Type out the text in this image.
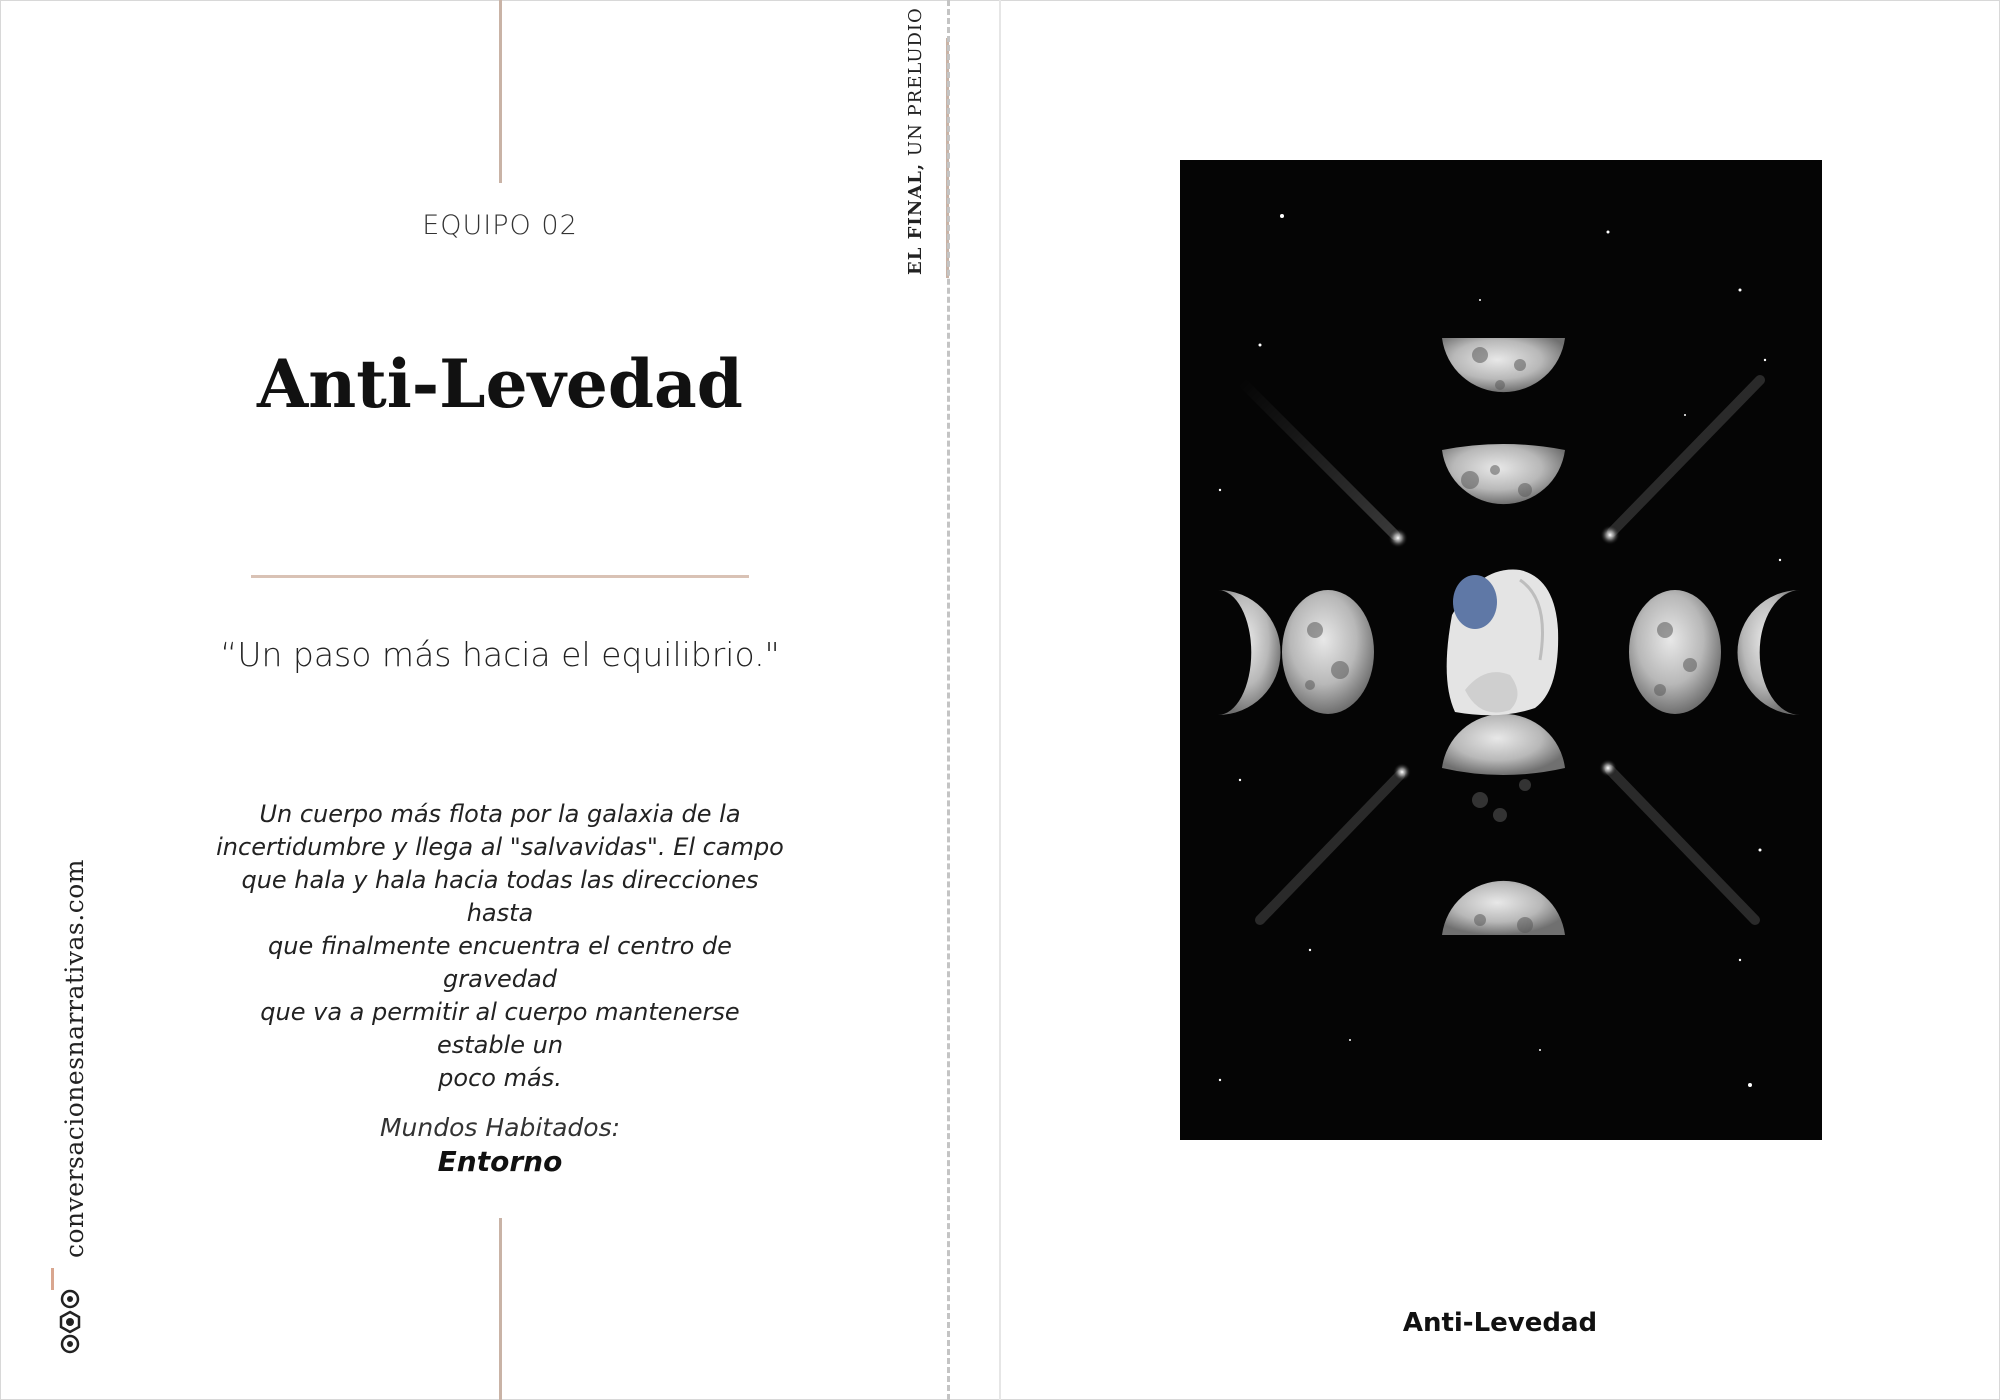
EQUIPO 02
Anti-Levedad
“Un paso más hacia el equilibrio."
Un cuerpo más flota por la galaxia de la
incertidumbre y llega al "salvavidas". El campo
que hala y hala hacia todas las direcciones hasta
que finalmente encuentra el centro de gravedad
que va a permitir al cuerpo mantenerse estable un
poco más.
Mundos Habitados:
Entorno
EL FINAL, UN PRELUDIO
conversacionesnarrativas.com
Anti-Levedad
